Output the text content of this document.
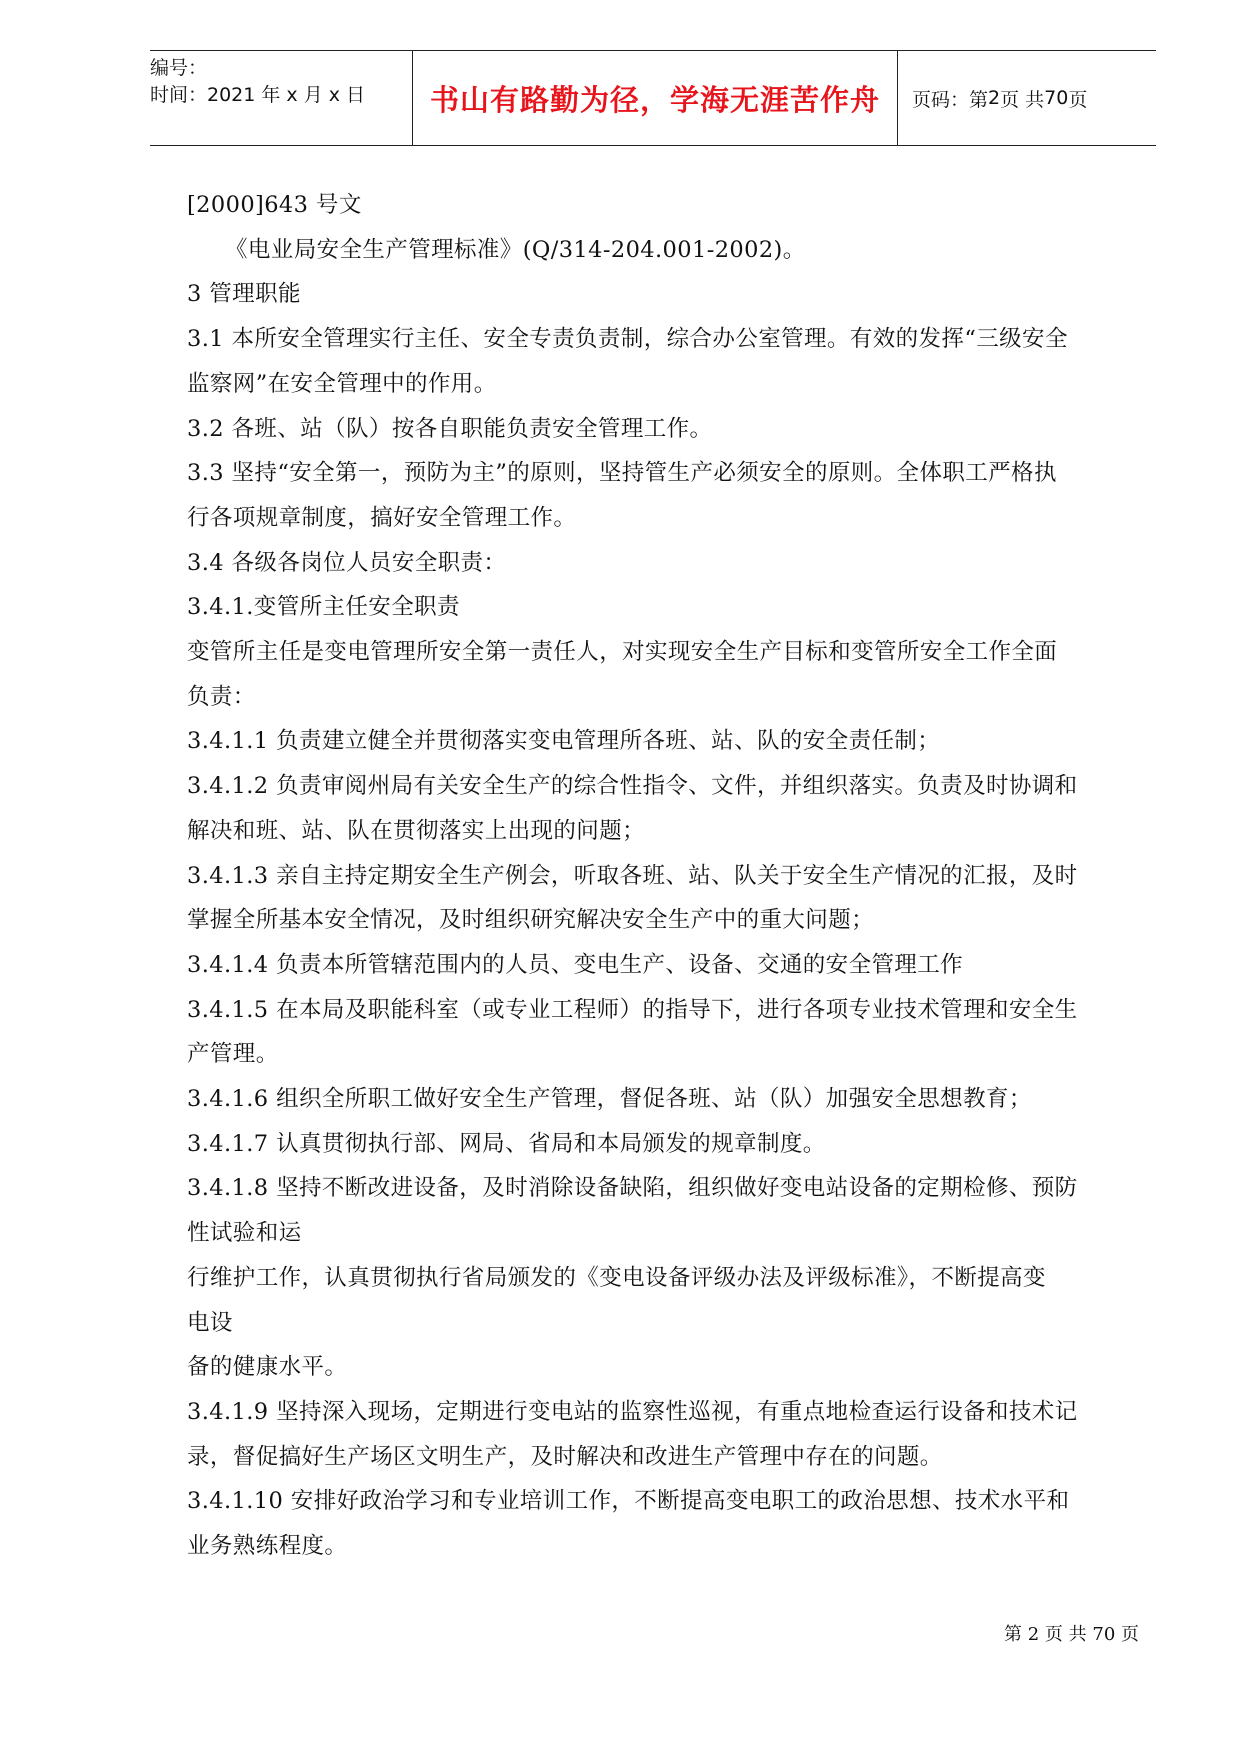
编号：
时间：2021 年 x 月 x 日	书山有路勤为径，学海无涯苦作舟	页码：第 2 页 共 70 页

[2000]643 号文

《电业局安全生产管理标准》(Q/314-204.001-2002)。

3 管理职能

3.1 本所安全管理实行主任、安全专责负责制，综合办公室管理。有效的发挥“三级安全

监察网”在安全管理中的作用。

3.2 各班、站（队）按各自职能负责安全管理工作。

3.3 坚持“安全第一，预防为主”的原则，坚持管生产必须安全的原则。全体职工严格执

行各项规章制度，搞好安全管理工作。

3.4 各级各岗位人员安全职责：

3.4.1.变管所主任安全职责

变管所主任是变电管理所安全第一责任人，对实现安全生产目标和变管所安全工作全面

负责：

3.4.1.1 负责建立健全并贯彻落实变电管理所各班、站、队的安全责任制；

3.4.1.2 负责审阅州局有关安全生产的综合性指令、文件，并组织落实。负责及时协调和

解决和班、站、队在贯彻落实上出现的问题；

3.4.1.3 亲自主持定期安全生产例会，听取各班、站、队关于安全生产情况的汇报，及时

掌握全所基本安全情况，及时组织研究解决安全生产中的重大问题；

3.4.1.4 负责本所管辖范围内的人员、变电生产、设备、交通的安全管理工作

3.4.1.5 在本局及职能科室（或专业工程师）的指导下，进行各项专业技术管理和安全生

产管理。

3.4.1.6 组织全所职工做好安全生产管理，督促各班、站（队）加强安全思想教育；

3.4.1.7 认真贯彻执行部、网局、省局和本局颁发的规章制度。

3.4.1.8 坚持不断改进设备，及时消除设备缺陷，组织做好变电站设备的定期检修、预防

性试验和运

行维护工作，认真贯彻执行省局颁发的《变电设备评级办法及评级标准》，不断提高变

电设

备的健康水平。

3.4.1.9 坚持深入现场，定期进行变电站的监察性巡视，有重点地检查运行设备和技术记

录，督促搞好生产场区文明生产，及时解决和改进生产管理中存在的问题。

3.4.1.10 安排好政治学习和专业培训工作，不断提高变电职工的政治思想、技术水平和

业务熟练程度。

第 2 页 共 70 页
